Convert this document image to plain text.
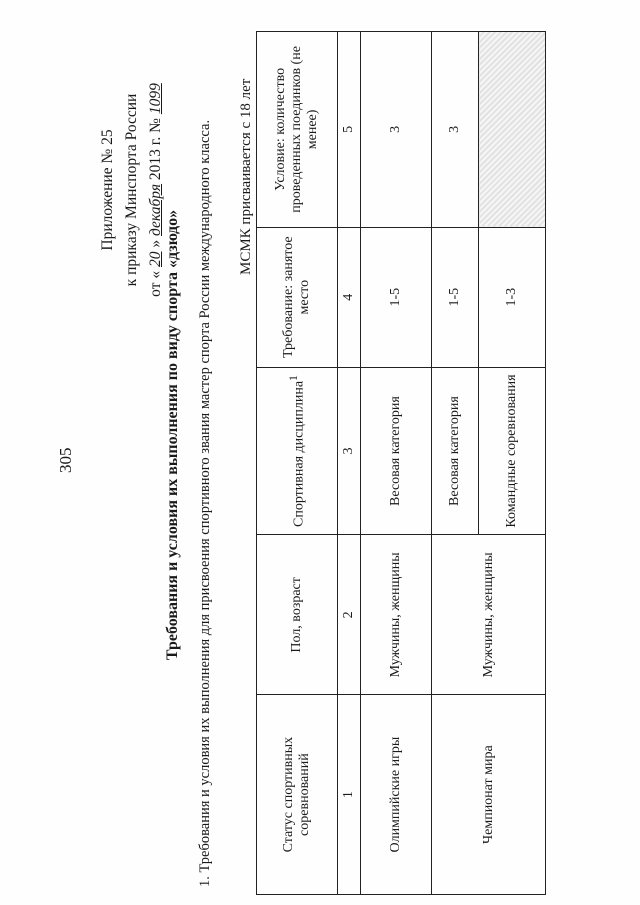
305
Приложение № 25 к приказу Минспорта России от « 20 » декабря 2013 г. № 1099
Требования и условия их выполнения по виду спорта «дзюдо» 1. Требования и условия их выполнения для присвоения спортивного звания мастер спорта России международного класса. МСМК присваивается с 18 лет
Статус спортивных соревнований	Пол, возраст	Спортивная дисциплина$^1$	Требование: занятое место	Условие: количество проведенных поединков (не менее)
1	2	3	4	5
Олимпийские игры	Мужчины, женщины	Весовая категория	1-5	3
Чемпионат мира	Мужчины, женщины	Весовая категория	1-5	3
		Командные соревнования	1-3	
